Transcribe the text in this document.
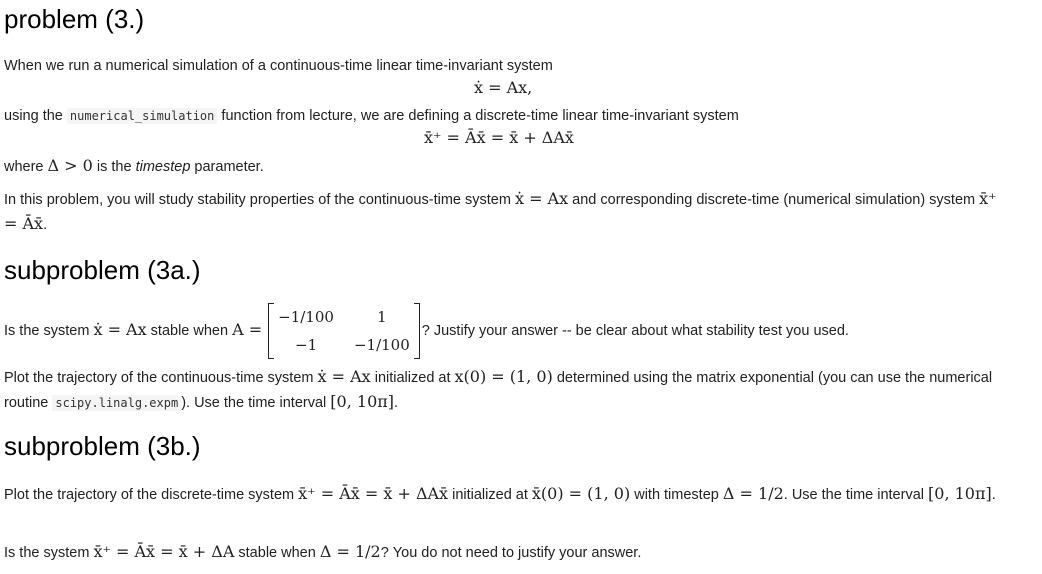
problem (3.)
When we run a numerical simulation of a continuous-time linear time-invariant system
ẋ = Ax,
using the numerical_simulation function from lecture, we are defining a discrete-time linear time-invariant system
x̄⁺ = Āx̄ = x̄ + ΔAx̄
where Δ > 0 is the timestep parameter.
In this problem, you will study stability properties of the continuous-time system ẋ = Ax and corresponding discrete-time (numerical simulation) system x̄⁺ = Āx̄.
subproblem (3a.)
Is the system ẋ = Ax stable when A =
−1/100	1
−1	−1/100
? Justify your answer -- be clear about what stability test you used.
Plot the trajectory of the continuous-time system ẋ = Ax initialized at x(0) = (1, 0) determined using the matrix exponential (you can use the numerical routine scipy.linalg.expm ). Use the time interval [0, 10π].
subproblem (3b.)
Plot the trajectory of the discrete-time system x̄⁺ = Āx̄ = x̄ + ΔAx̄ initialized at x̄(0) = (1, 0) with timestep Δ = 1/2. Use the time interval [0, 10π].
Is the system x̄⁺ = Āx̄ = x̄ + ΔA stable when Δ = 1/2? You do not need to justify your answer.
